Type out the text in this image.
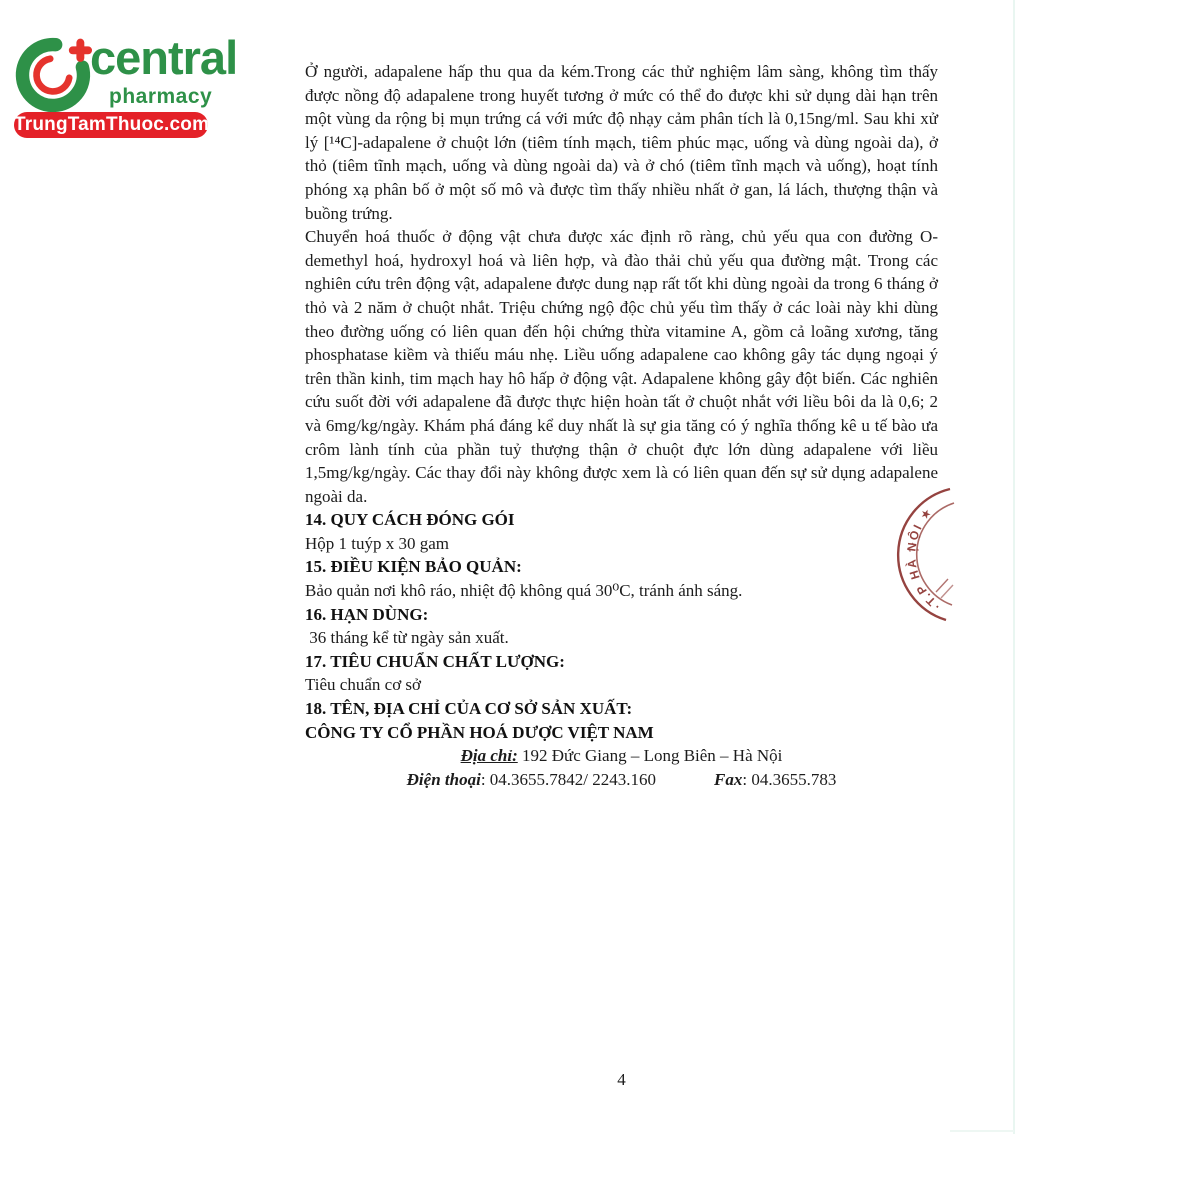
central
pharmacy
TrungTamThuoc.com

Ở người, adapalene hấp thu qua da kém.Trong các thử nghiệm lâm sàng, không tìm thấy được nồng độ adapalene trong huyết tương ở mức có thể đo được khi sử dụng dài hạn trên một vùng da rộng bị mụn trứng cá với mức độ nhạy cảm phân tích là 0,15ng/ml. Sau khi xử lý [¹⁴C]-adapalene ở chuột lớn (tiêm tính mạch, tiêm phúc mạc, uống và dùng ngoài da), ở thỏ (tiêm tĩnh mạch, uống và dùng ngoài da) và ở chó (tiêm tĩnh mạch và uống), hoạt tính phóng xạ phân bố ở một số mô và được tìm thấy nhiều nhất ở gan, lá lách, thượng thận và buồng trứng.

Chuyển hoá thuốc ở động vật chưa được xác định rõ ràng, chủ yếu qua con đường O-demethyl hoá, hydroxyl hoá và liên hợp, và đào thải chủ yếu qua đường mật. Trong các nghiên cứu trên động vật, adapalene được dung nạp rất tốt khi dùng ngoài da trong 6 tháng ở thỏ và 2 năm ở chuột nhắt. Triệu chứng ngộ độc chủ yếu tìm thấy ở các loài này khi dùng theo đường uống có liên quan đến hội chứng thừa vitamine A, gồm cả loãng xương, tăng phosphatase kiềm và thiếu máu nhẹ. Liều uống adapalene cao không gây tác dụng ngoại ý trên thần kinh, tim mạch hay hô hấp ở động vật. Adapalene không gây đột biến. Các nghiên cứu suốt đời với adapalene đã được thực hiện hoàn tất ở chuột nhắt với liều bôi da là 0,6; 2 và 6mg/kg/ngày. Khám phá đáng kể duy nhất là sự gia tăng có ý nghĩa thống kê u tế bào ưa crôm lành tính của phần tuỷ thượng thận ở chuột đực lớn dùng adapalene với liều 1,5mg/kg/ngày. Các thay đổi này không được xem là có liên quan đến sự sử dụng adapalene ngoài da.

14. QUY CÁCH ĐÓNG GÓI
Hộp 1 tuýp x 30 gam
15. ĐIỀU KIỆN BẢO QUẢN:
Bảo quản nơi khô ráo, nhiệt độ không quá 30⁰C, tránh ánh sáng.
16. HẠN DÙNG:
36 tháng kể từ ngày sản xuất.
17. TIÊU CHUẨN CHẤT LƯỢNG:
Tiêu chuẩn cơ sở
18. TÊN, ĐỊA CHỈ CỦA CƠ SỞ SẢN XUẤT:
CÔNG TY CỔ PHẦN HOÁ DƯỢC VIỆT NAM
Địa chỉ: 192 Đức Giang – Long Biên – Hà Nội
Điện thoại: 04.3655.7842/ 2243.160	Fax: 04.3655.783
·T.P HÀ NỘI ★
4
